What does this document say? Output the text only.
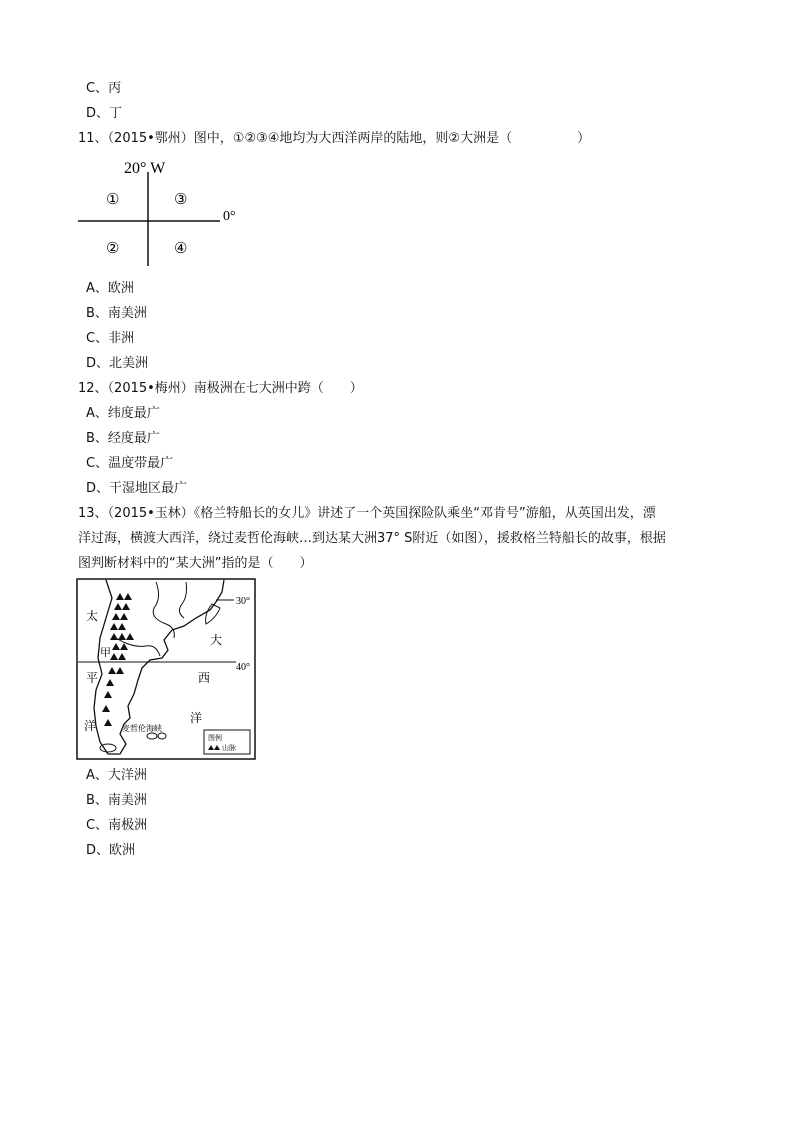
C、丙
D、丁
11、（2015•鄂州）图中，①②③④地均为大西洋两岸的陆地，则②大洲是（　　　　　）
20° W
0°
①	③
②	④
A、欧洲
B、南美洲
C、非洲
D、北美洲
12、（2015•梅州）南极洲在七大洲中跨（　　）
A、纬度最广
B、经度最广
C、温度带最广
D、干湿地区最广
13、（2015•玉林）《格兰特船长的女儿》讲述了一个英国探险队乘坐“邓肯号”游船，从英国出发，漂
洋过海，横渡大西洋，绕过麦哲伦海峡…到达某大洲37° S附近（如图），援救格兰特船长的故事，根据
图判断材料中的“某大洲”指的是（　　）
30°
40°
太
平
洋
大
西
洋
甲
麦哲伦海峡
图例
山脉
A、大洋洲
B、南美洲
C、南极洲
D、欧洲
